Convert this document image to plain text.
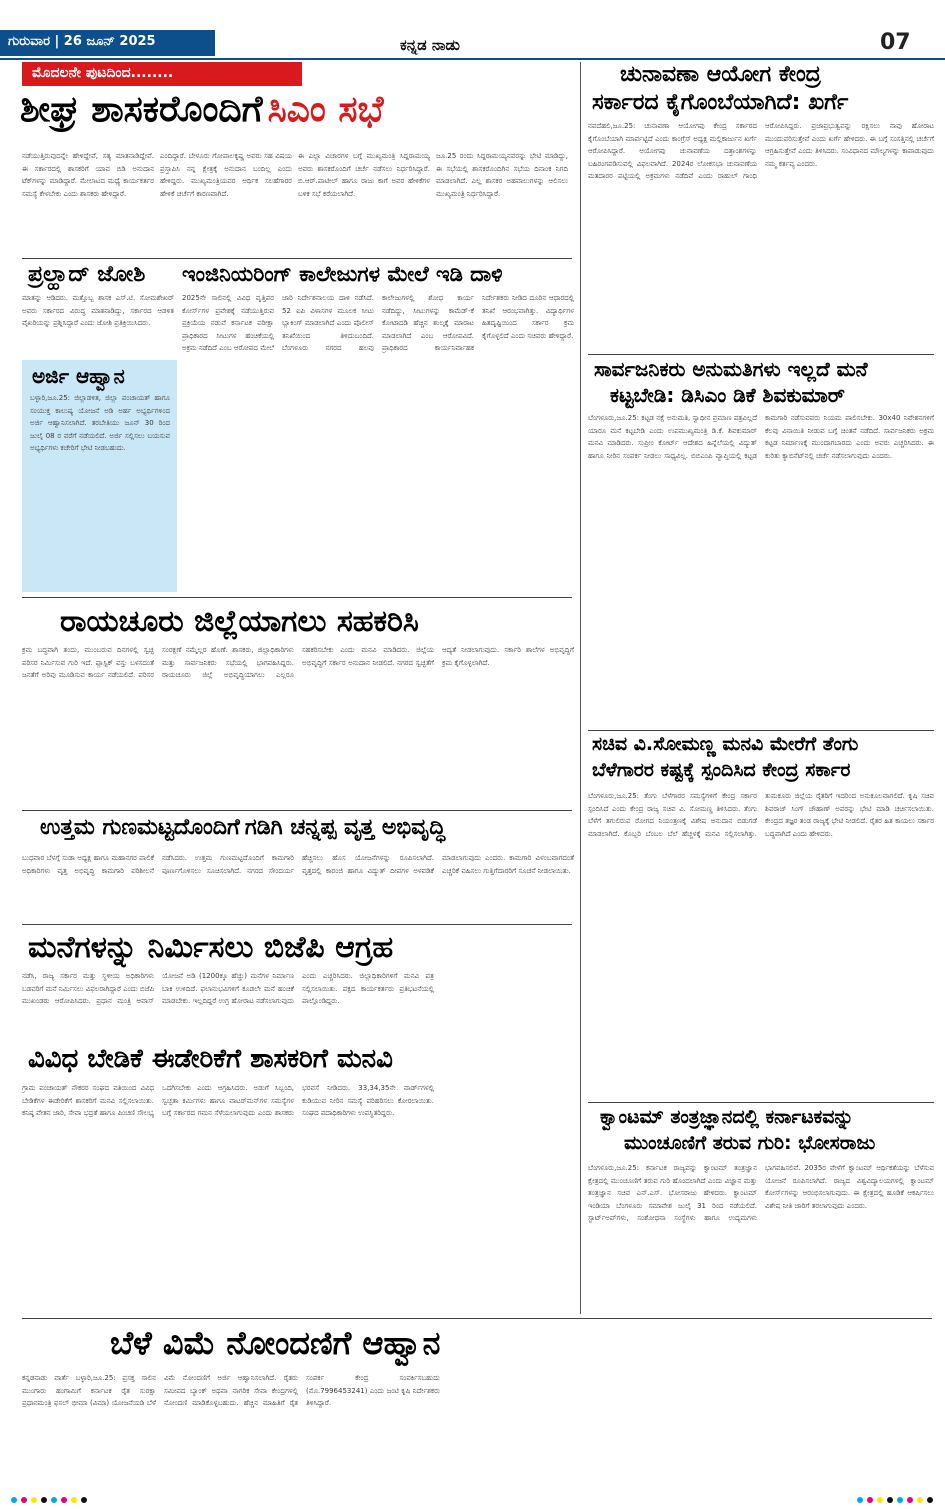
ಗುರುವಾರ | 26 ಜೂನ್ 2025	ಕನ್ನಡ ನಾಡು	07
ಮೊದಲನೇ ಪುಟದಿಂದ........
ಶೀಘ್ರ ಶಾಸಕರೊಂದಿಗೆ ಸಿಎಂ ಸಭೆ
ನಡೆಯುತ್ತಿರುವುದನ್ನೇ ಹೇಳಿದ್ದೇವೆ, ಸತ್ಯ ಮಾತನಾಡಿದ್ದೇವೆ. ಈ ಸರ್ಕಾರದಲ್ಲಿ ಶಾಸಕರಿಗೆ ಯಾವ ಬಿಡಿ ಅನುದಾನ ಟೆಕ್‌ಗಳನ್ನು ಮಾಡಿದ್ದಾರೆ. ಮೇಲಾಟದ ಮಧ್ಯೆ ಕಾರ್ಯಕರ್ತರ ಸಮಸ್ಯೆ ಕೇಳಬೇಕು ಎಂದು ಶಾಸಕರು ಹೇಳಿದ್ದಾರೆ.
ಎಂದಿದ್ದಾರೆ. ಬೇಳೂರು ಗೋಪಾಲಕೃಷ್ಣ ಅವರು ಸಹ ವಿಷಯ ಪ್ರಸ್ತಾಪಿಸಿ ನನ್ನ ಕ್ಷೇತ್ರಕ್ಕೆ ಅನುದಾನ ಬಂದಿಲ್ಲ ಎಂದು ಹೇಳಿದ್ದರು. ಮುಖ್ಯಮಂತ್ರಿಯವರ ಆರ್ಥಿಕ ಸಲಹೆಗಾರರ ಹೇಳಿಕೆ ಚರ್ಚೆಗೆ ಕಾರಣವಾಗಿದೆ.
ಈ ಎಲ್ಲಾ ವಿಚಾರಗಳ ಬಗ್ಗೆ ಮುಖ್ಯಮಂತ್ರಿ ಸಿದ್ದರಾಮಯ್ಯ ಅವರು ಶಾಸಕರೊಂದಿಗೆ ಚರ್ಚೆ ನಡೆಸಲು ನಿರ್ಧರಿಸಿದ್ದಾರೆ. ಬಿ.ಆರ್.ಪಾಟೀಲ್ ಹಾಗೂ ರಾಜು ಕಾಗೆ ಅವರ ಹೇಳಿಕೆಗಳ ಬಳಿಕ ಸಭೆ ಕರೆಯಲಾಗಿದೆ.
ಜೂ.25 ರಂದು ಸಿದ್ದರಾಮಯ್ಯನವರನ್ನು ಭೇಟಿ ಮಾಡಿದ್ದು, ಈ ಸಭೆಯಲ್ಲಿ ಶಾಸಕರೊಂದಿಗಿನ ಸಭೆಯ ದಿನಾಂಕ ನಿಗದಿ ಮಾಡಲಾಗಿದೆ. ಎಲ್ಲ ಶಾಸಕರ ಅಹವಾಲುಗಳನ್ನು ಆಲಿಸಲು ಮುಖ್ಯಮಂತ್ರಿ ನಿರ್ಧರಿಸಿದ್ದಾರೆ.
ಪ್ರಲ್ಹಾದ್ ಜೋಶಿ
ಮಾತನ್ನು ಆಡಿದರು. ಮತ್ತೊಬ್ಬ ಶಾಸಕ ಎಸ್.ಟಿ. ಸೋಮಶೇಖರ್ ಅವರು ಸರ್ಕಾರದ ವಿರುದ್ಧ ಮಾತನಾಡಿದ್ದು, ಸರ್ಕಾರದ ಆಡಳಿತ ವೈಖರಿಯನ್ನು ಪ್ರಶ್ನಿಸಿದ್ದಾರೆ ಎಂದು ಜೋಶಿ ಪ್ರತಿಕ್ರಿಯಿಸಿದರು.
ಅರ್ಜಿ ಆಹ್ವಾನ
ಬಳ್ಳಾರಿ,ಜೂ.25: ಜಿಲ್ಲಾಡಳಿತ, ಜಿಲ್ಲಾ ಪಂಚಾಯತ್ ಹಾಗೂ ಸಂಯುಕ್ತ ಕಾಲುಷ್ಯ ಯೋಜನೆ ಅಡಿ ಅರ್ಹ ಅಭ್ಯರ್ಥಿಗಳಿಂದ ಅರ್ಜಿ ಆಹ್ವಾನಿಸಲಾಗಿದೆ. ತರಬೇತಿಯು ಜೂನ್ 30 ರಿಂದ ಜುಲೈ 08 ರ ವರೆಗೆ ನಡೆಯಲಿದೆ. ಅರ್ಜಿ ಸಲ್ಲಿಸಲು ಬಯಸುವ ಅಭ್ಯರ್ಥಿಗಳು ಕಚೇರಿಗೆ ಭೇಟಿ ನೀಡಬಹುದು.
ಇಂಜಿನಿಯರಿಂಗ್ ಕಾಲೇಜುಗಳ ಮೇಲೆ ಇಡಿ ದಾಳಿ
2025ನೇ ಸಾಲಿನಲ್ಲಿ ವಿವಿಧ ವೃತ್ತಿಪರ ಕೋರ್ಸ್‌ಗಳ ಪ್ರವೇಶಕ್ಕೆ ನಡೆಯುತ್ತಿರುವ ಪ್ರಕ್ರಿಯೆಯ ನಡುವೆ ಕರ್ನಾಟಕ ಪರೀಕ್ಷಾ ಪ್ರಾಧಿಕಾರದ ಸೀಟುಗಳ ಹಂಚಿಕೆಯಲ್ಲಿ ಅಕ್ರಮ ನಡೆದಿದೆ ಎಂಬ ಆರೋಪದ ಮೇಲೆ ಜಾರಿ ನಿರ್ದೇಶನಾಲಯ ದಾಳಿ ನಡೆಸಿದೆ. 52 ಐಪಿ ವಿಳಾಸಗಳ ಮೂಲಕ ಸೀಟು ಬ್ಲಾಕಿಂಗ್ ಮಾಡಲಾಗಿದೆ ಎಂದು ಪೊಲೀಸ್ ತನಿಖೆಯಿಂದ ತಿಳಿದುಬಂದಿದೆ. ಬೆಂಗಳೂರು ನಗರದ ಹಲವು ಕಾಲೇಜುಗಳಲ್ಲಿ ಶೋಧ ಕಾರ್ಯ ನಡೆದಿದ್ದು, ಸೀಟುಗಳನ್ನು ಕಾಮೆಡ್‌-ಕೆ ಕೋಟಾದಡಿ ಹೆಚ್ಚಿನ ಶುಲ್ಕಕ್ಕೆ ಮಾರಾಟ ಮಾಡಲಾಗಿದೆ ಎಂಬ ಆರೋಪವಿದೆ. ಪ್ರಾಧಿಕಾರದ ಕಾರ್ಯನಿರ್ವಾಹಕ ನಿರ್ದೇಶಕರು ನೀಡಿದ ದೂರಿನ ಆಧಾರದಲ್ಲಿ ತನಿಖೆ ಆರಂಭವಾಗಿತ್ತು. ವಿದ್ಯಾರ್ಥಿಗಳ ಹಿತದೃಷ್ಟಿಯಿಂದ ಸರ್ಕಾರ ಕ್ರಮ ಕೈಗೊಳ್ಳಲಿದೆ ಎಂದು ಸಚಿವರು ಹೇಳಿದ್ದಾರೆ.
ರಾಯಚೂರು ಜಿಲ್ಲೆಯಾಗಲು ಸಹಕರಿಸಿ
ಕ್ರಮ ಬದ್ಧವಾಗಿ ತಂದು, ಮುಂಬರುವ ದಿನಗಳಲ್ಲಿ ಸ್ವಚ್ಛ ಪರಿಸರ ನಿರ್ಮಿಸುವ ಗುರಿ ಇದೆ. ಪ್ಲಾಸ್ಟಿಕ್ ವಸ್ತು ಬಳಸದಂತೆ ಜನತೆಗೆ ಅರಿವು ಮೂಡಿಸುವ ಕಾರ್ಯ ನಡೆಯಲಿದೆ. ಪರಿಸರ ಸಂರಕ್ಷಣೆ ನಮ್ಮೆಲ್ಲರ ಹೊಣೆ. ಶಾಸಕರು, ಜಿಲ್ಲಾಧಿಕಾರಿಗಳು ಮತ್ತು ಸಾರ್ವಜನಿಕರು ಸಭೆಯಲ್ಲಿ ಭಾಗವಹಿಸಿದ್ದರು. ರಾಯಚೂರು ಜಿಲ್ಲೆ ಅಭಿವೃದ್ಧಿಯಾಗಲು ಎಲ್ಲರೂ ಸಹಕರಿಸಬೇಕು ಎಂದು ಮನವಿ ಮಾಡಿದರು. ಜಿಲ್ಲೆಯ ಅಭಿವೃದ್ಧಿಗೆ ಸರ್ಕಾರ ಅನುದಾನ ನೀಡಲಿದೆ. ನಗರದ ಸ್ವಚ್ಛತೆಗೆ ಆದ್ಯತೆ ನೀಡಲಾಗುವುದು. ಸರ್ಕಾರಿ ಶಾಲೆಗಳ ಅಭಿವೃದ್ಧಿಗೆ ಕ್ರಮ ಕೈಗೊಳ್ಳಲಾಗಿದೆ.
ಉತ್ತಮ ಗುಣಮಟ್ಟದೊಂದಿಗೆ ಗಡಿಗಿ ಚನ್ನಪ್ಪ ವೃತ್ತ ಅಭಿವೃದ್ಧಿ
ಬುಧವಾರ ಬೆಳಗ್ಗೆ ಸುಡಾ ಅಧ್ಯಕ್ಷ ಹಾಗೂ ಮಹಾನಗರ ಪಾಲಿಕೆ ಅಧಿಕಾರಿಗಳು ವೃತ್ತ ಅಭಿವೃದ್ಧಿ ಕಾಮಗಾರಿ ಪರಿಶೀಲನೆ ನಡೆಸಿದರು. ಉತ್ತಮ ಗುಣಮಟ್ಟದೊಂದಿಗೆ ಕಾಮಗಾರಿ ಪೂರ್ಣಗೊಳಿಸಲು ಸೂಚಿಸಲಾಗಿದೆ. ನಗರದ ಸೌಂದರ್ಯ ಹೆಚ್ಚಿಸಲು ಹೊಸ ಯೋಜನೆಗಳನ್ನು ರೂಪಿಸಲಾಗಿದೆ. ವೃತ್ತದಲ್ಲಿ ಕಾರಂಜಿ ಹಾಗೂ ವಿದ್ಯುತ್ ದೀಪಗಳ ಅಳವಡಿಕೆ ಮಾಡಲಾಗುವುದು ಎಂದರು. ಕಾಮಗಾರಿ ವಿಳಂಬವಾಗದಂತೆ ಎಚ್ಚರಿಕೆ ವಹಿಸಲು ಗುತ್ತಿಗೆದಾರರಿಗೆ ಸೂಚನೆ ನೀಡಲಾಯಿತು.
ಮನೆಗಳನ್ನು ನಿರ್ಮಿಸಲು ಬಿಜೆಪಿ ಆಗ್ರಹ
ನಡೆಸಿ, ರಾಜ್ಯ ಸರ್ಕಾರ ಮತ್ತು ಸ್ಥಳೀಯ ಅಧಿಕಾರಿಗಳು ಬಡವರಿಗೆ ಮನೆ ನಿರ್ಮಿಸಲು ವಿಫಲರಾಗಿದ್ದಾರೆ ಎಂದು ಬಿಜೆಪಿ ಮುಖಂಡರು ಆರೋಪಿಸಿದರು. ಪ್ರಧಾನ ಮಂತ್ರಿ ಆವಾಸ್ ಯೋಜನೆ ಅಡಿ (1200ಕ್ಕೂ ಹೆಚ್ಚು) ಮನೆಗಳ ನಿರ್ಮಾಣ ಬಾಕಿ ಉಳಿದಿದೆ. ಫಲಾನುಭವಿಗಳಿಗೆ ಕೂಡಲೇ ಮನೆ ಹಂಚಿಕೆ ಮಾಡಬೇಕು. ಇಲ್ಲದಿದ್ದರೆ ಉಗ್ರ ಹೋರಾಟ ನಡೆಸಲಾಗುವುದು ಎಂದು ಎಚ್ಚರಿಸಿದರು. ಜಿಲ್ಲಾಧಿಕಾರಿಗಳಿಗೆ ಮನವಿ ಪತ್ರ ಸಲ್ಲಿಸಲಾಯಿತು. ಪಕ್ಷದ ಕಾರ್ಯಕರ್ತರು ಪ್ರತಿಭಟನೆಯಲ್ಲಿ ಪಾಲ್ಗೊಂಡಿದ್ದರು.
ವಿವಿಧ ಬೇಡಿಕೆ ಈಡೇರಿಕೆಗೆ ಶಾಸಕರಿಗೆ ಮನವಿ
ಗ್ರಾಮ ಪಂಚಾಯತ್ ನೌಕರರ ಸಂಘದ ವತಿಯಿಂದ ವಿವಿಧ ಬೇಡಿಕೆಗಳ ಈಡೇರಿಕೆಗೆ ಶಾಸಕರಿಗೆ ಮನವಿ ಸಲ್ಲಿಸಲಾಯಿತು. ಕನಿಷ್ಠ ವೇತನ ಜಾರಿ, ಸೇವಾ ಭದ್ರತೆ ಹಾಗೂ ಪಿಂಚಣಿ ಸೌಲಭ್ಯ ಒದಗಿಸಬೇಕು ಎಂದು ಆಗ್ರಹಿಸಿದರು. ಅಡುಗೆ ಸಿಬ್ಬಂದಿ, ಸ್ವಚ್ಛತಾ ಕರ್ಮಿಗಳು ಹಾಗೂ ವಾಟರ್‌ಮನ್‌ಗಳ ಸಮಸ್ಯೆಗಳ ಬಗ್ಗೆ ಸರ್ಕಾರದ ಗಮನ ಸೆಳೆಯಲಾಗುವುದು ಎಂದು ಶಾಸಕರು ಭರವಸೆ ನೀಡಿದರು. 33,34,35ನೇ ವಾರ್ಡ್‌ಗಳಲ್ಲಿ ಕುಡಿಯುವ ನೀರಿನ ಸಮಸ್ಯೆ ಪರಿಹರಿಸಲು ಕೋರಲಾಯಿತು. ಸಂಘದ ಪದಾಧಿಕಾರಿಗಳು ಉಪಸ್ಥಿತರಿದ್ದರು.
ಚುನಾವಣಾ ಆಯೋಗ ಕೇಂದ್ರ
ಸರ್ಕಾರದ ಕೈಗೊಂಬೆಯಾಗಿದೆ: ಖರ್ಗೆ
ನವದೆಹಲಿ,ಜೂ.25: ಚುನಾವಣಾ ಆಯೋಗವು ಕೇಂದ್ರ ಸರ್ಕಾರದ ಕೈಗೊಂಬೆಯಾಗಿ ಮಾರ್ಪಟ್ಟಿದೆ ಎಂದು ಕಾಂಗ್ರೆಸ್ ಅಧ್ಯಕ್ಷ ಮಲ್ಲಿಕಾರ್ಜುನ ಖರ್ಗೆ ಆರೋಪಿಸಿದ್ದಾರೆ. ಆಯೋಗವು ಚುನಾವಣೆಯ ದತ್ತಾಂಶಗಳನ್ನು ಬಹಿರಂಗಪಡಿಸುವಲ್ಲಿ ವಿಫಲವಾಗಿದೆ. 2024ರ ಲೋಕಸಭಾ ಚುನಾವಣೆಯ ಮತದಾರರ ಪಟ್ಟಿಯಲ್ಲಿ ಅಕ್ರಮಗಳು ನಡೆದಿವೆ ಎಂದು ರಾಹುಲ್ ಗಾಂಧಿ ಆರೋಪಿಸಿದ್ದರು. ಪ್ರಜಾಪ್ರಭುತ್ವವನ್ನು ರಕ್ಷಿಸಲು ನಾವು ಹೋರಾಟ ಮುಂದುವರಿಸುತ್ತೇವೆ ಎಂದು ಖರ್ಗೆ ಹೇಳಿದರು. ಈ ಬಗ್ಗೆ ಸಂಸತ್ತಿನಲ್ಲಿ ಚರ್ಚೆಗೆ ಆಗ್ರಹಿಸುತ್ತೇವೆ ಎಂದು ತಿಳಿಸಿದರು. ಸಂವಿಧಾನದ ಮೌಲ್ಯಗಳನ್ನು ಕಾಪಾಡುವುದು ನಮ್ಮ ಕರ್ತವ್ಯ ಎಂದರು.
ಸಾರ್ವಜನಿಕರು ಅನುಮತಿಗಳು ಇಲ್ಲದೆ ಮನೆ
ಕಟ್ಟಬೇಡಿ: ಡಿಸಿಎಂ ಡಿಕೆ ಶಿವಕುಮಾರ್
ಬೆಂಗಳೂರು,ಜೂ.25: ಕಟ್ಟಡ ನಕ್ಷೆ ಅನುಮತಿ, ಸ್ವಾಧೀನ ಪ್ರಮಾಣ ಪತ್ರವಿಲ್ಲದೆ ಯಾರೂ ಮನೆ ಕಟ್ಟಬೇಡಿ ಎಂದು ಉಪಮುಖ್ಯಮಂತ್ರಿ ಡಿ.ಕೆ. ಶಿವಕುಮಾರ್ ಮನವಿ ಮಾಡಿದರು. ಸುಪ್ರೀಂ ಕೋರ್ಟ್ ಆದೇಶದ ಹಿನ್ನೆಲೆಯಲ್ಲಿ ವಿದ್ಯುತ್ ಹಾಗೂ ನೀರಿನ ಸಂಪರ್ಕ ನೀಡಲು ಸಾಧ್ಯವಿಲ್ಲ. ಬಿಬಿಎಂಪಿ ವ್ಯಾಪ್ತಿಯಲ್ಲಿ ಕಟ್ಟಡ ಕಾಮಗಾರಿ ನಡೆಸುವವರು ನಿಯಮ ಪಾಲಿಸಬೇಕು. 30x40 ನಿವೇಶನಗಳಿಗೆ ಕೆಲವು ವಿನಾಯಿತಿ ನೀಡುವ ಬಗ್ಗೆ ಚಿಂತನೆ ನಡೆದಿದೆ. ಸಾರ್ವಜನಿಕರು ಅಕ್ರಮ ಕಟ್ಟಡ ನಿರ್ಮಾಣಕ್ಕೆ ಮುಂದಾಗಬಾರದು ಎಂದು ಅವರು ಎಚ್ಚರಿಸಿದರು. ಈ ಕುರಿತು ಕ್ಯಾಬಿನೆಟ್‌ನಲ್ಲಿ ಚರ್ಚೆ ನಡೆಸಲಾಗುವುದು ಎಂದರು.
ಸಚಿವ ವಿ.ಸೋಮಣ್ಣ ಮನವಿ ಮೇರೆಗೆ ತೆಂಗು
ಬೆಳೆಗಾರರ ಕಷ್ಟಕ್ಕೆ ಸ್ಪಂದಿಸಿದ ಕೇಂದ್ರ ಸರ್ಕಾರ
ಬೆಂಗಳೂರು,ಜೂ.25: ತೆಂಗು ಬೆಳೆಗಾರರ ಸಮಸ್ಯೆಗಳಿಗೆ ಕೇಂದ್ರ ಸರ್ಕಾರ ಸ್ಪಂದಿಸಿದೆ ಎಂದು ಕೇಂದ್ರ ರಾಜ್ಯ ಸಚಿವ ವಿ. ಸೋಮಣ್ಣ ತಿಳಿಸಿದರು. ತೆಂಗು ಬೆಳೆಗೆ ತಗುಲಿರುವ ರೋಗದ ನಿಯಂತ್ರಣಕ್ಕೆ ವಿಶೇಷ ಅನುದಾನ ಬಿಡುಗಡೆ ಮಾಡಲಾಗಿದೆ. ಕೊಬ್ಬರಿ ಬೆಂಬಲ ಬೆಲೆ ಹೆಚ್ಚಳಕ್ಕೆ ಮನವಿ ಸಲ್ಲಿಸಲಾಗಿತ್ತು. ತುಮಕೂರು ಜಿಲ್ಲೆಯ ರೈತರಿಗೆ ಇದರಿಂದ ಅನುಕೂಲವಾಗಲಿದೆ. ಕೃಷಿ ಸಚಿವ ಶಿವರಾಜ್ ಸಿಂಗ್ ಚೌಹಾಣ್ ಅವರನ್ನು ಭೇಟಿ ಮಾಡಿ ಚರ್ಚಿಸಲಾಯಿತು. ಕೇಂದ್ರದ ತಜ್ಞರ ತಂಡ ರಾಜ್ಯಕ್ಕೆ ಭೇಟಿ ನೀಡಲಿದೆ. ರೈತರ ಹಿತ ಕಾಯಲು ಸರ್ಕಾರ ಬದ್ಧವಾಗಿದೆ ಎಂದು ಹೇಳಿದರು.
ಕ್ವಾಂಟಮ್ ತಂತ್ರಜ್ಞಾನದಲ್ಲಿ ಕರ್ನಾಟಕವನ್ನು
ಮುಂಚೂಣಿಗೆ ತರುವ ಗುರಿ: ಭೋಸರಾಜು
ಬೆಂಗಳೂರು,ಜೂ.25: ಕರ್ನಾಟಕ ರಾಜ್ಯವನ್ನು ಕ್ವಾಂಟಮ್ ತಂತ್ರಜ್ಞಾನ ಕ್ಷೇತ್ರದಲ್ಲಿ ಮುಂಚೂಣಿಗೆ ತರುವ ಗುರಿ ಹೊಂದಲಾಗಿದೆ ಎಂದು ವಿಜ್ಞಾನ ಮತ್ತು ತಂತ್ರಜ್ಞಾನ ಸಚಿವ ಎನ್.ಎಸ್. ಭೋಸರಾಜು ಹೇಳಿದರು. ಕ್ವಾಂಟಮ್ ಇಂಡಿಯಾ ಬೆಂಗಳೂರು ಸಮಾವೇಶ ಜುಲೈ 31 ರಿಂದ ನಡೆಯಲಿದೆ. ಸ್ಟಾರ್ಟ್‌ಅಪ್‌ಗಳು, ಸಂಶೋಧನಾ ಸಂಸ್ಥೆಗಳು ಹಾಗೂ ಉದ್ಯಮಗಳು ಭಾಗವಹಿಸಲಿವೆ. 2035ರ ವೇಳೆಗೆ ಕ್ವಾಂಟಮ್ ಆರ್ಥಿಕತೆಯನ್ನು ಬೆಳೆಸುವ ಯೋಜನೆ ರೂಪಿಸಲಾಗಿದೆ. ರಾಜ್ಯದ ವಿಶ್ವವಿದ್ಯಾಲಯಗಳಲ್ಲಿ ಕ್ವಾಂಟಮ್ ಕೋರ್ಸ್‌ಗಳನ್ನು ಆರಂಭಿಸಲಾಗುವುದು. ಈ ಕ್ಷೇತ್ರದಲ್ಲಿ ಹೂಡಿಕೆ ಆಕರ್ಷಿಸಲು ವಿಶೇಷ ನೀತಿ ಜಾರಿಗೆ ತರಲಾಗುವುದು ಎಂದರು.
ಬೆಳೆ ವಿಮೆ ನೋಂದಣಿಗೆ ಆಹ್ವಾನ
ಕನ್ನಡನಾಡು ವಾರ್ತೆ ಬಳ್ಳಾರಿ,ಜೂ.25: ಪ್ರಸಕ್ತ ಸಾಲಿನ ಮುಂಗಾರು ಹಂಗಾಮಿಗೆ ಕರ್ನಾಟಕ ರೈತ ಸುರಕ್ಷಾ ಪ್ರಧಾನಮಂತ್ರಿ ಫಸಲ್ ಭೀಮಾ (ವಿಮಾ) ಯೋಜನೆಯಡಿ ಬೆಳೆ ವಿಮೆ ನೋಂದಣಿಗೆ ಅರ್ಜಿ ಆಹ್ವಾನಿಸಲಾಗಿದೆ. ರೈತರು ಸಮೀಪದ ಬ್ಯಾಂಕ್ ಅಥವಾ ನಾಗರಿಕ ಸೇವಾ ಕೇಂದ್ರಗಳಲ್ಲಿ ನೋಂದಣಿ ಮಾಡಿಕೊಳ್ಳಬಹುದು. ಹೆಚ್ಚಿನ ಮಾಹಿತಿಗೆ ರೈತ ಸಂಪರ್ಕ ಕೇಂದ್ರ ಸಂಪರ್ಕಿಸಬಹುದು (ಮೊ.7996453241) ಎಂದು ಜಂಟಿ ಕೃಷಿ ನಿರ್ದೇಶಕರು ತಿಳಿಸಿದ್ದಾರೆ.
